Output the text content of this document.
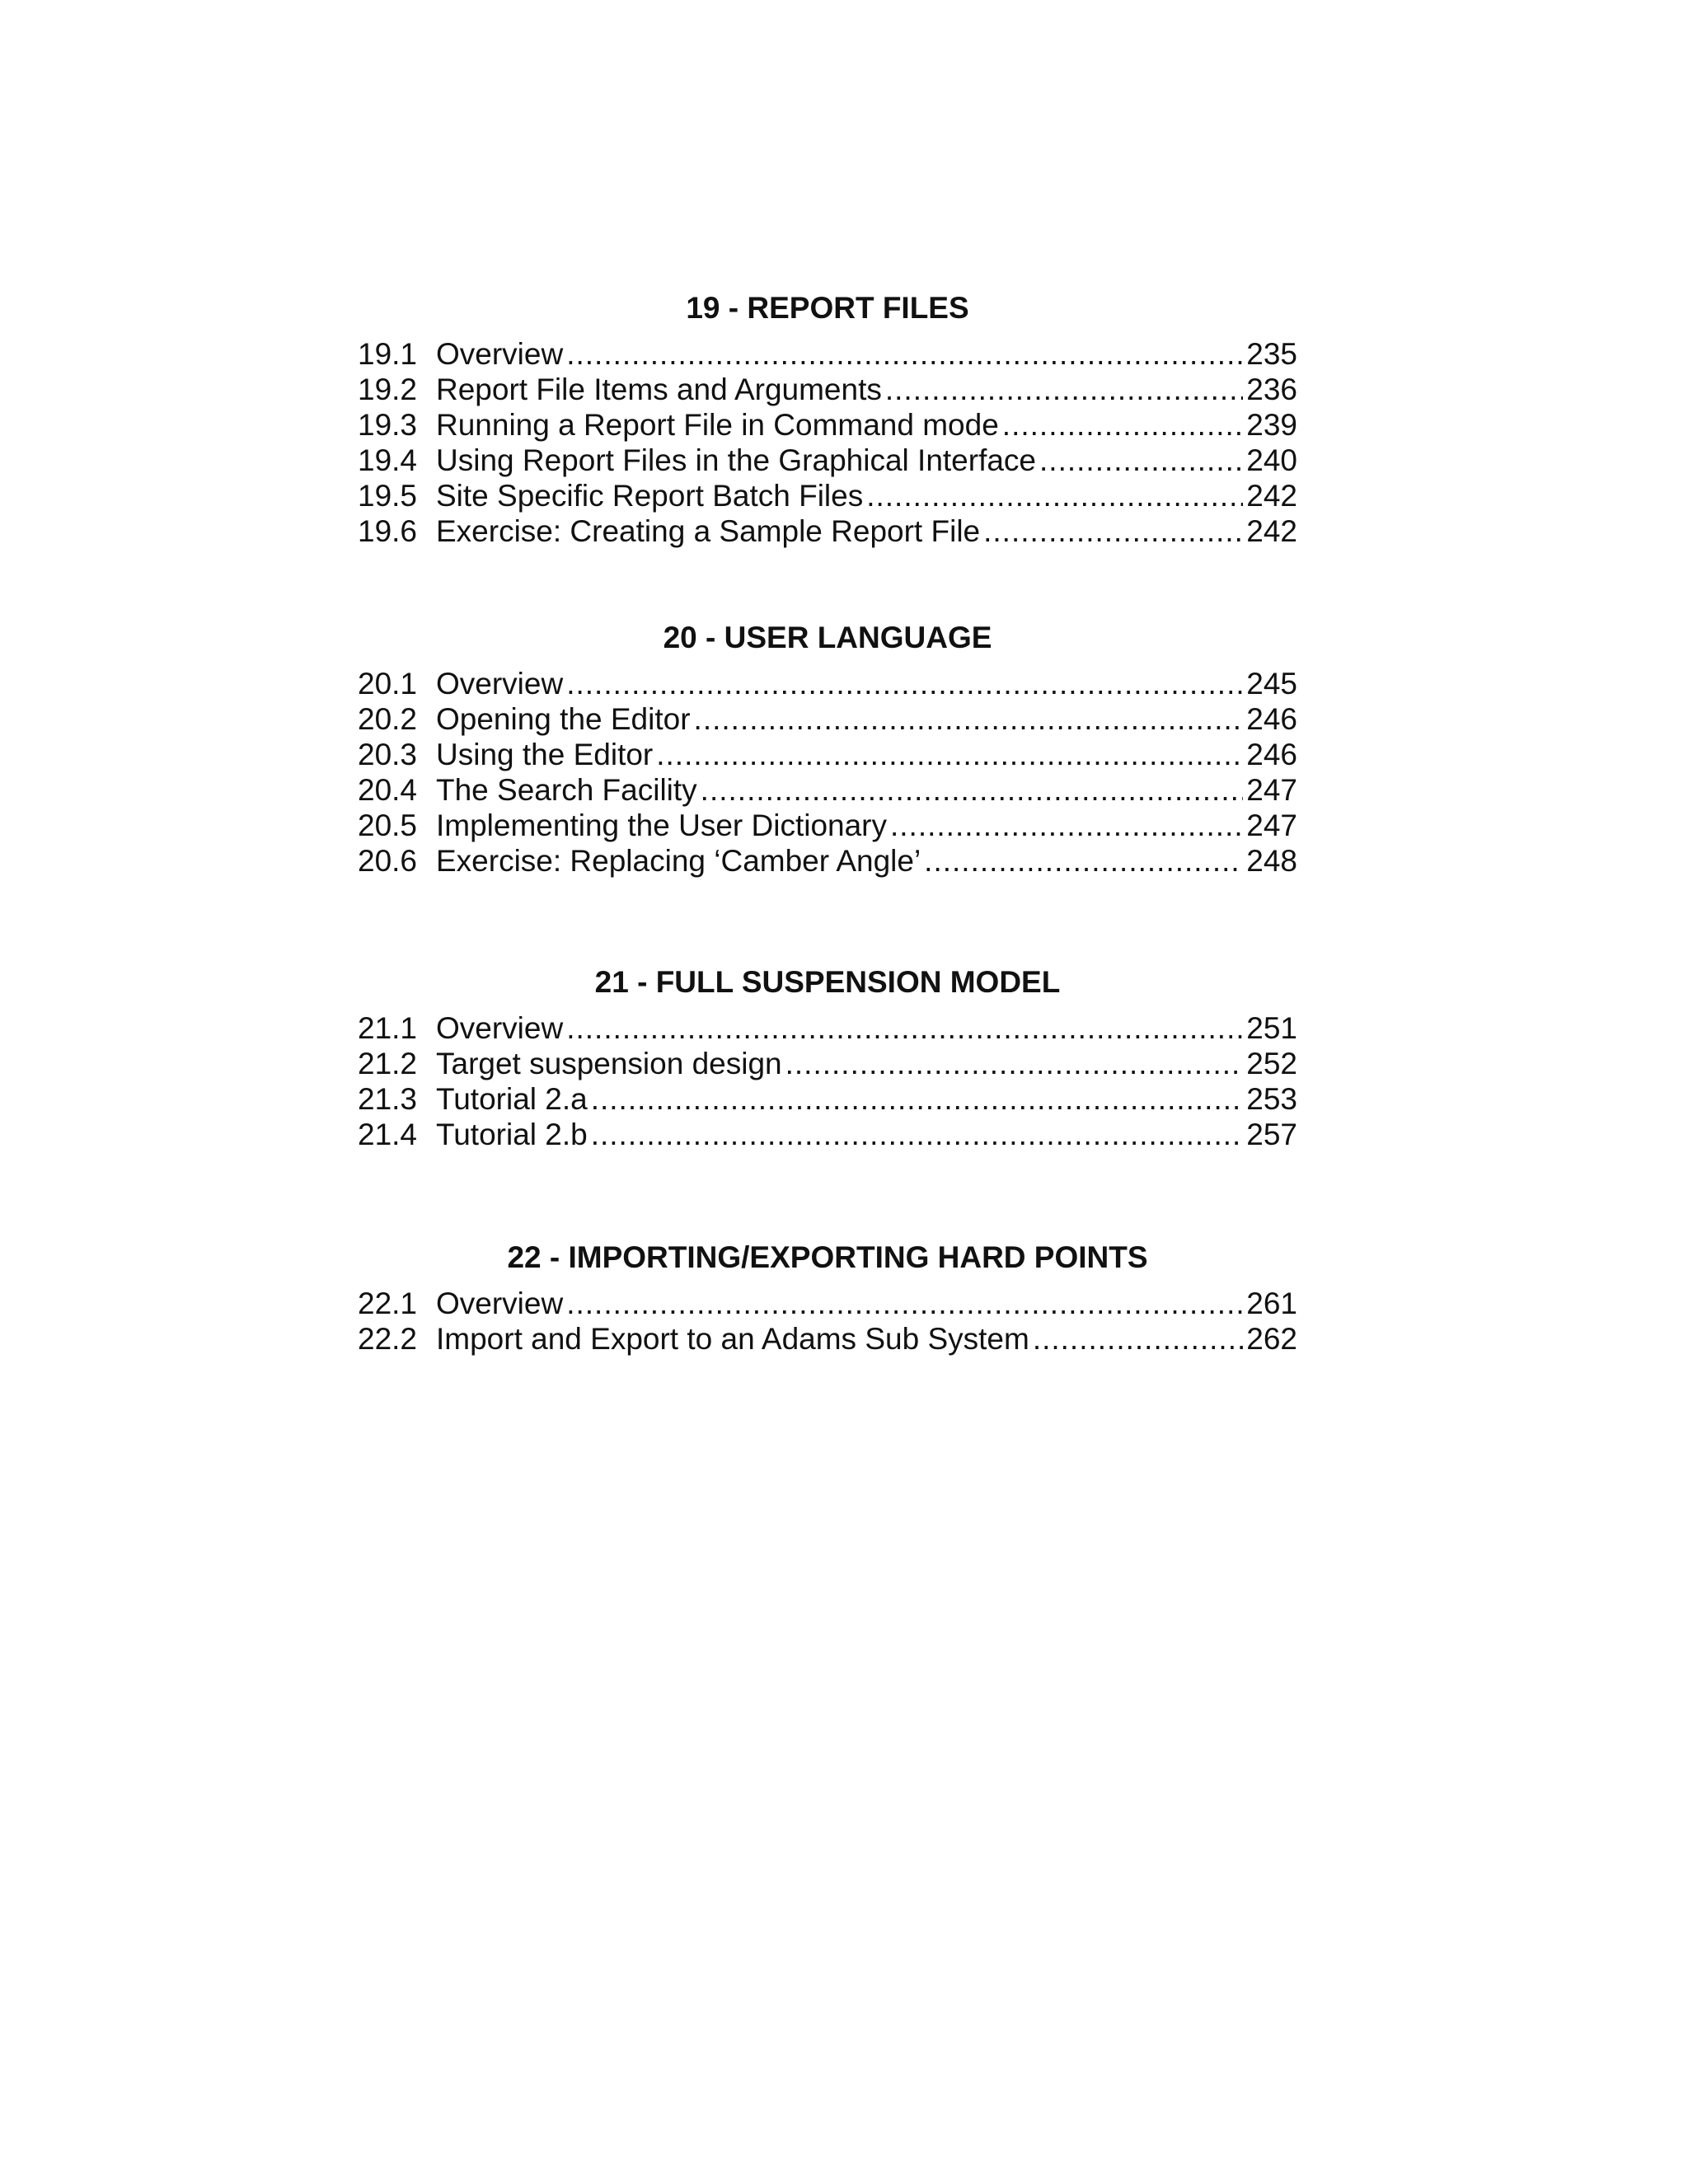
19 - REPORT FILES
19.1 Overview .....	235
19.2 Report File Items and Arguments .....	236
19.3 Running a Report File in Command mode .....	239
19.4 Using Report Files in the Graphical Interface .....	240
19.5 Site Specific Report Batch Files .....	242
19.6 Exercise: Creating a Sample Report File .....	242
20 - USER LANGUAGE
20.1 Overview .....	245
20.2 Opening the Editor .....	246
20.3 Using the Editor .....	246
20.4 The Search Facility .....	247
20.5 Implementing the User Dictionary .....	247
20.6 Exercise: Replacing ‘Camber Angle’ .....	248
21 - FULL SUSPENSION MODEL
21.1 Overview .....	251
21.2 Target suspension design .....	252
21.3 Tutorial 2.a .....	253
21.4 Tutorial 2.b .....	257
22 - IMPORTING/EXPORTING HARD POINTS
22.1 Overview .....	261
22.2 Import and Export to an Adams Sub System .....	262
